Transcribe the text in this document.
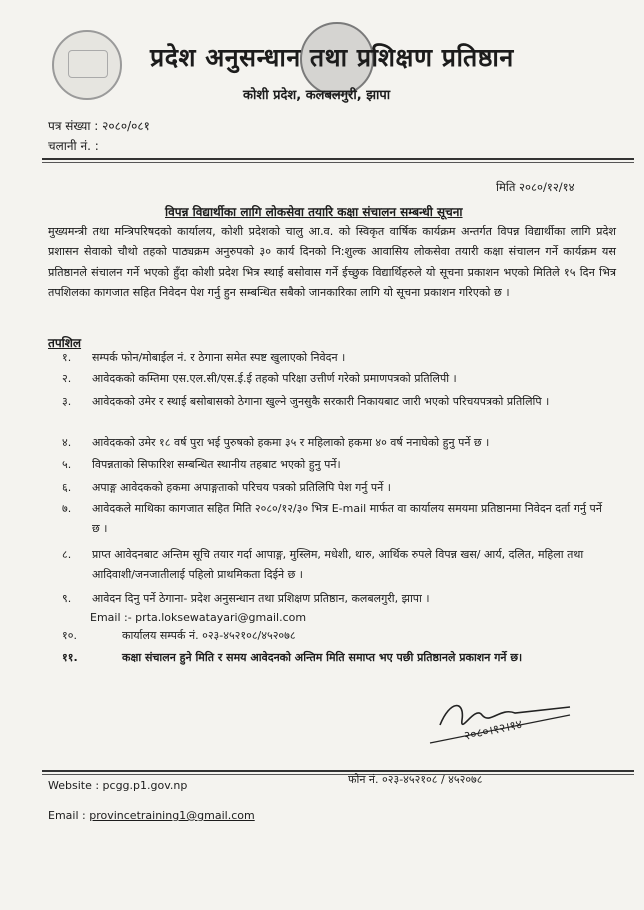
प्रदेश अनुसन्धान तथा प्रशिक्षण प्रतिष्ठान
कोशी प्रदेश, कलबलगुरी, झापा
पत्र संख्या : २०८०/०८१
चलानी नं. :
मिति २०८०/१२/१४
विपन्न विद्यार्थीका लागि लोकसेवा तयारि कक्षा संचालन सम्बन्धी सूचना
मुख्यमन्त्री तथा मन्त्रिपरिषदको कार्यालय, कोशी प्रदेशको चालु आ.व. को स्विकृत वार्षिक कार्यक्रम अन्तर्गत विपन्न विद्यार्थीका लागि प्रदेश प्रशासन सेवाको चौथो तहको पाठ्यक्रम अनुरुपको ३० कार्य दिनको नि:शुल्क आवासिय लोकसेवा तयारी कक्षा संचालन गर्ने कार्यक्रम यस प्रतिष्ठानले संचालन गर्ने भएको हुँदा कोशी प्रदेश भित्र स्थाई बसोवास गर्ने ईच्छुक विद्यार्थिहरुले यो सूचना प्रकाशन भएको मितिले १५ दिन भित्र तपशिलका कागजात सहित निवेदन पेश गर्नु हुन सम्बन्धित सबैको जानकारिका लागि यो सूचना प्रकाशन गरिएको छ ।
तपशिल
१.	सम्पर्क फोन/मोबाईल नं. र ठेगाना समेत स्पष्ट खुलाएको निवेदन ।
२.	आवेदकको कम्तिमा एस.एल.सी/एस.ई.ई तहको परिक्षा उत्तीर्ण गरेको प्रमाणपत्रको प्रतिलिपी ।
३.	आवेदकको उमेर र स्थाई बसोबासको ठेगाना खुल्ने जुनसुकै सरकारी निकायबाट जारी भएको परिचयपत्रको प्रतिलिपि ।
४.	आवेदकको उमेर १८ वर्ष पुरा भई पुरुषको हकमा ३५ र महिलाको हकमा ४० वर्ष ननाघेको हुनु पर्ने छ ।
५.	विपन्नताको सिफारिश सम्बन्धित स्थानीय तहबाट भएको हुनु पर्ने।
६.	अपाङ्ग आवेदकको हकमा अपाङ्गताको परिचय पत्रको प्रतिलिपि पेश गर्नु पर्ने ।
७.	आवेदकले माथिका कागजात सहित मिति २०८०/१२/३० भित्र E-mail मार्फत वा कार्यालय समयमा प्रतिष्ठानमा निवेदन दर्ता गर्नु पर्ने छ ।
८.	प्राप्त आवेदनबाट अन्तिम सूचि तयार गर्दा आपाङ्ग, मुस्लिम, मधेशी, थारु, आर्थिक रुपले विपन्न खस/ आर्य, दलित, महिला तथा आदिवाशी/जनजातीलाई पहिलो प्राथमिकता दिईने छ ।
९.	आवेदन दिनु पर्ने ठेगाना- प्रदेश अनुसन्धान तथा प्रशिक्षण प्रतिष्ठान, कलबलगुरी, झापा ।
Email :- prta.loksewatayari@gmail.com
१०.	कार्यालय सम्पर्क नं. ०२३-४५२१०८/४५२०७८
११.	कक्षा संचालन हुने मिति र समय आवेदनको अन्तिम मिति समाप्त भए पछी प्रतिष्ठानले प्रकाशन गर्ने छ।
२०८०।१२।१४
Website : pcgg.p1.gov.np	फोन नं. ०२३-४५२१०८ / ४५२०७८
Email : provincetraining1@gmail.com
